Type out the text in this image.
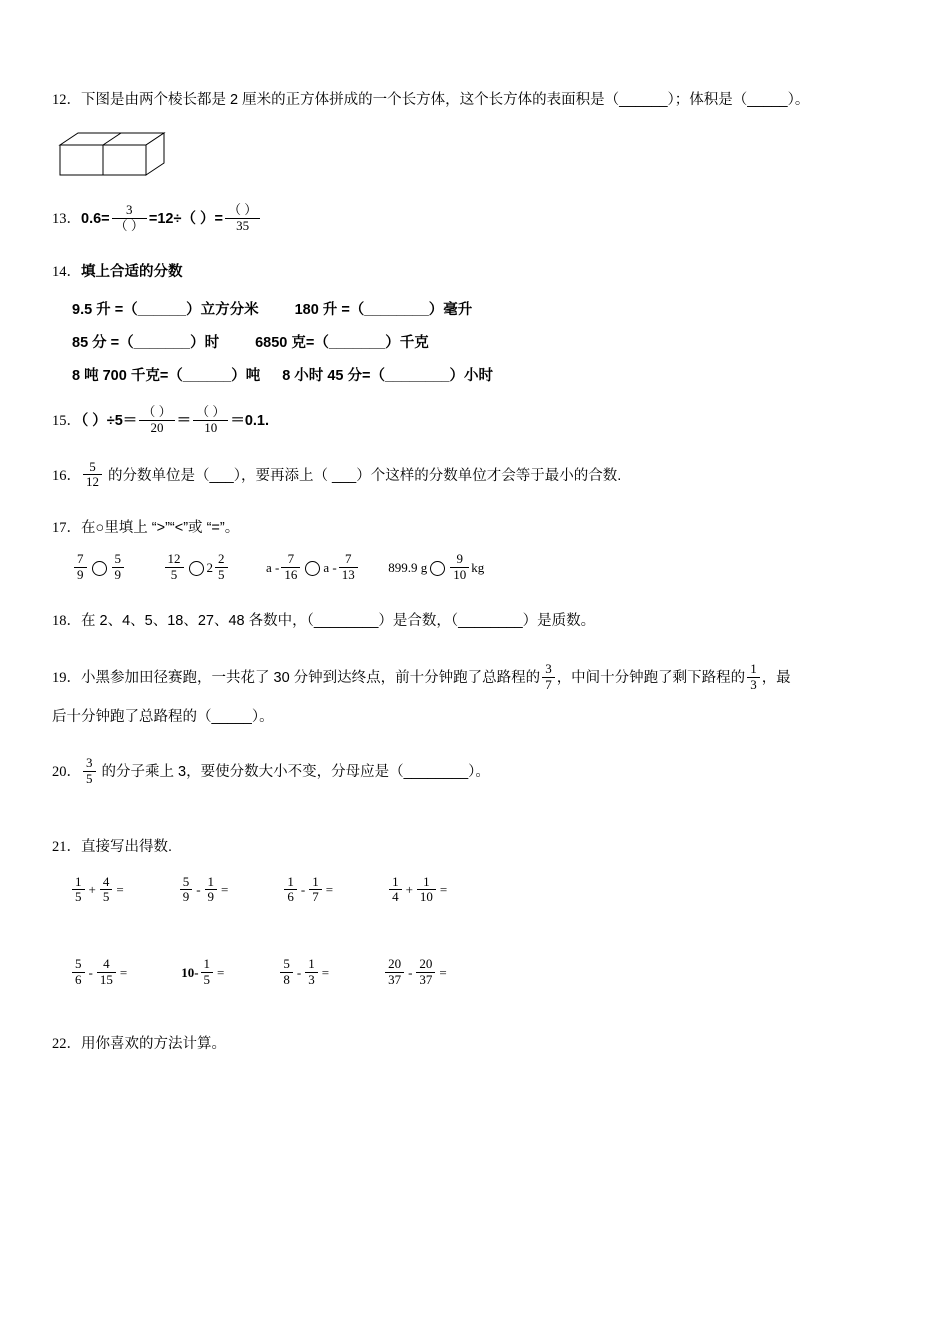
12．下图是由两个棱长都是 2 厘米的正方体拼成的一个长方体，这个长方体的表面积是（______）；体积是（_____）。
13．$0.6= \frac{3}{( )} =12\div$（ ）= $\frac{( )}{35}$
14．填上合适的分数
9.5 升 =（______）立方分米 180 升 =（________）毫升
85 分 =（_______）时 6850 克=（_______）千克
8 吨 700 千克=（______）吨 8 小时 45 分=（________）小时
15．（ ）$\div 5= \frac{( )}{20} = \frac{( )}{10} =0.1$.
16． $\frac{5}{12}$ 的分数单位是（___），要再添上（ ___）个这样的分数单位才会等于最小的合数.
17．在○里填上 “>”“<”或 “=”。
$\frac{7}{9} \frac{5}{9}$
	$\frac{12}{5} 2 \frac{2}{5}$	a - $\frac{7}{16}$ a - $\frac{7}{13} 899.9$ g $\frac{9}{10}$ kg
18．在 2、4、5、18、27、48 各数中，（________）是合数，（________）是质数。
19．小黑参加田径赛跑，一共花了 30 分钟到达终点，前十分钟跑了总路程的 $\frac{3}{7}$ ，中间十分钟跑了剩下路程的 $\frac{1}{3}$ ，最
后十分钟跑了总路程的（_____）。
20． $\frac{3}{5}$ 的分子乘上 3，要使分数大小不变，分母应是（________）。
21．直接写出得数.
$\frac{1}{5} + \frac{4}{5}$ =	$\frac{5}{9} - \frac{1}{9}$ =	$\frac{1}{6} - \frac{1}{7}$ =	$\frac{1}{4} + \frac{1}{10}$ =
$\frac{5}{6} - \frac{4}{15}$ =	$10- \frac{1}{5}$ =	$\frac{5}{8} - \frac{1}{3}$ =	$\frac{20}{37} - \frac{20}{37}$ =
22．用你喜欢的方法计算。
